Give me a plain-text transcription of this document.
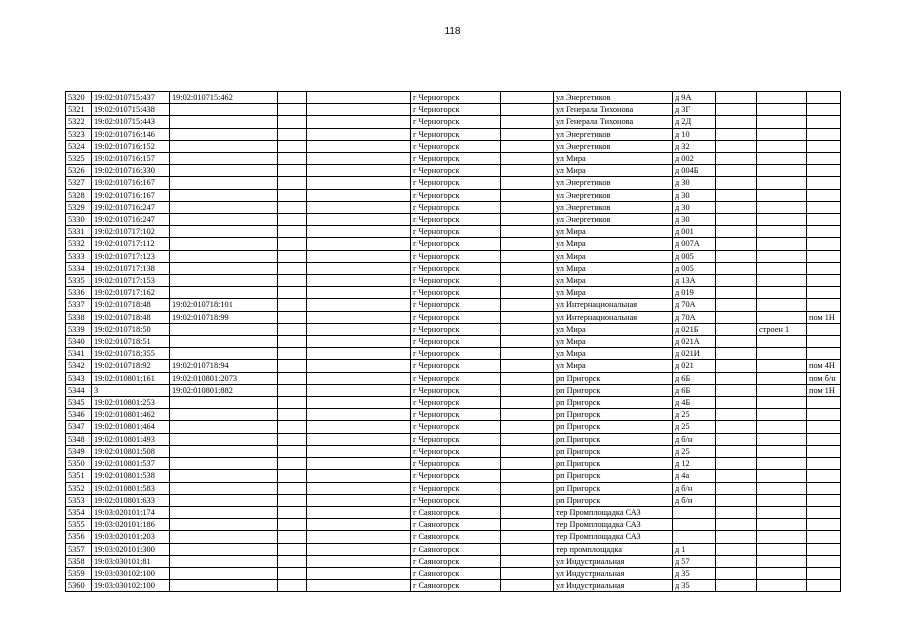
118
5320	19:02:010715:437	19:02:010715:462			г Черногорск		ул Энергетиков	д 9А			
5321	19:02:010715:438				г Черногорск		ул Генерала Тихонова	д 3Г			
5322	19:02:010715:443				г Черногорск		ул Генерала Тихонова	д 2Д			
5323	19:02:010716:146				г Черногорск		ул Энергетиков	д 10			
5324	19:02:010716:152				г Черногорск		ул Энергетиков	д 32			
5325	19:02:010716:157				г Черногорск		ул Мира	д 002			
5326	19:02:010716:330				г Черногорск		ул Мира	д 004Б			
5327	19:02:010716:167				г Черногорск		ул Энергетиков	д 30			
5328	19:02:010716:167				г Черногорск		ул Энергетиков	д 30			
5329	19:02:010716:247				г Черногорск		ул Энергетиков	д 30			
5330	19:02:010716:247				г Черногорск		ул Энергетиков	д 30			
5331	19:02:010717:102				г Черногорск		ул Мира	д 001			
5332	19:02:010717:112				г Черногорск		ул Мира	д 007А			
5333	19:02:010717:123				г Черногорск		ул Мира	д 005			
5334	19:02:010717:138				г Черногорск		ул Мира	д 005			
5335	19:02:010717:153				г Черногорск		ул Мира	д 13А			
5336	19:02:010717:162				г Черногорск		ул Мира	д 019			
5337	19:02:010718:48	19:02:010718:101			г Черногорск		ул Интернациональная	д 70А			
5338	19:02:010718:48	19:02:010718:99			г Черногорск		ул Интернациональная	д 70А			пом 1Н
5339	19:02:010718:50				г Черногорск		ул Мира	д 021Б		строен 1	
5340	19:02:010718:51				г Черногорск		ул Мира	д 021А			
5341	19:02:010718:355				г Черногорск		ул Мира	д 021И			
5342	19:02:010718:92	19:02:010718:94			г Черногорск		ул Мира	д 021			пом 4Н
5343	19:02:010801:161	19:02:010801:2073			г Черногорск		рп Пригорск	д 6Б			пом б/н
5344	3	19:02:010801:882			г Черногорск		рп Пригорск	д 6Б			пом 1Н
5345	19:02:010801:253				г Черногорск		рп Пригорск	д 4Б			
5346	19:02:010801:462				г Черногорск		рп Пригорск	д 25			
5347	19:02:010801:464				г Черногорск		рп Пригорск	д 25			
5348	19:02:010801:493				г Черногорск		рп Пригорск	д б/н			
5349	19:02:010801:508				г Черногорск		рп Пригорск	д 25			
5350	19:02:010801:537				г Черногорск		рп Пригорск	д 12			
5351	19:02:010801:538				г Черногорск		рп Пригорск	д 4а			
5352	19:02:010801:583				г Черногорск		рп Пригорск	д б/н			
5353	19:02:010801:633				г Черногорск		рп Пригорск	д б/н			
5354	19:03:020101:174				г Саяногорск		тер Промплощадка САЗ				
5355	19:03:020101:186				г Саяногорск		тер Промплощадка САЗ				
5356	19:03:020101:203				г Саяногорск		тер Промплощадка САЗ				
5357	19:03:020101:300				г Саяногорск		тер промплощадка	д 1			
5358	19:03:030101:81				г Саяногорск		ул Индустриальная	д 57			
5359	19:03:030102:100				г Саяногорск		ул Индустриальная	д 35			
5360	19:03:030102:100				г Саяногорск		ул Индустриальная	д 35			
